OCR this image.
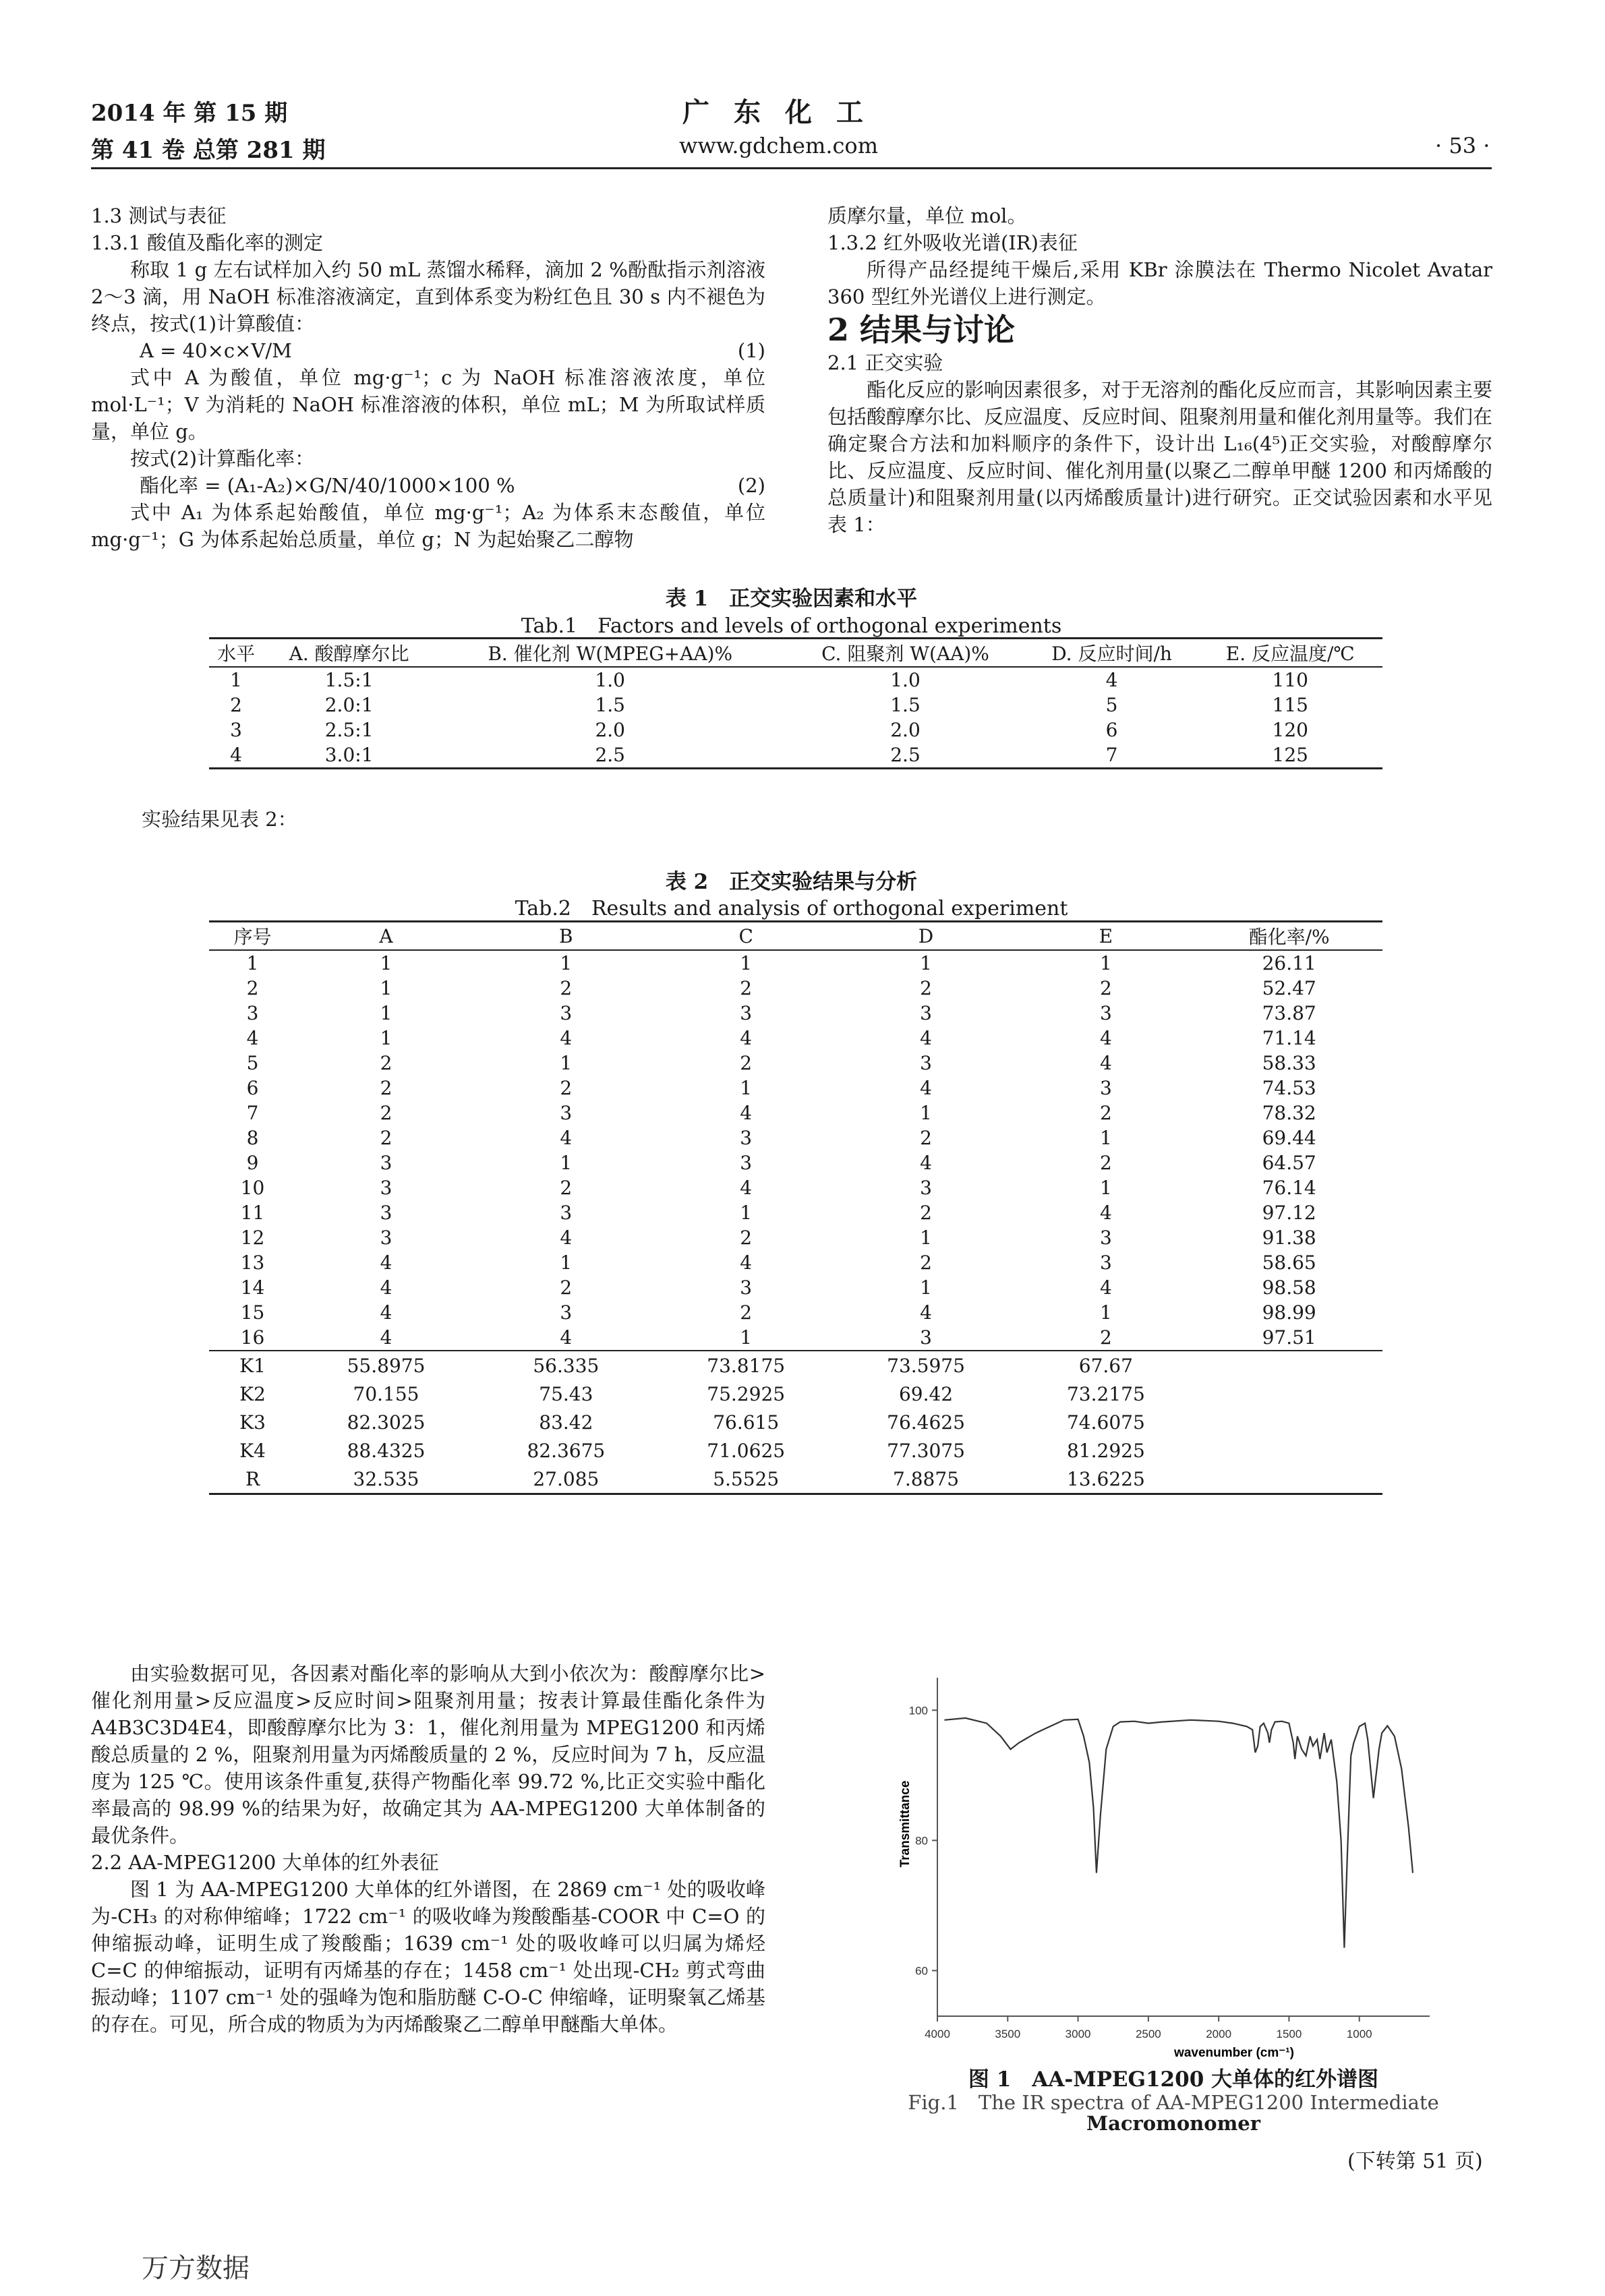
2014 年 第 15 期
第 41 卷 总第 281 期
广东化工
www.gdchem.com	· 53 ·

1.3 测试与表征

1.3.1 酸值及酯化率的测定

称取 1 g 左右试样加入约 50 mL 蒸馏水稀释，滴加 2 %酚酞指示剂溶液 2～3 滴，用 NaOH 标准溶液滴定，直到体系变为粉红色且 30 s 内不褪色为终点，按式(1)计算酸值：

A = 40×c×V/M	(1)

式中 A 为酸值，单位 mg·g⁻¹；c 为 NaOH 标准溶液浓度，单位 mol·L⁻¹；V 为消耗的 NaOH 标准溶液的体积，单位 mL；M 为所取试样质量，单位 g。

按式(2)计算酯化率：

酯化率 = (A₁-A₂)×G/N/40/1000×100 %	(2)

式中 A₁ 为体系起始酸值，单位 mg·g⁻¹；A₂ 为体系末态酸值，单位 mg·g⁻¹；G 为体系起始总质量，单位 g；N 为起始聚乙二醇物

质摩尔量，单位 mol。

1.3.2 红外吸收光谱(IR)表征

所得产品经提纯干燥后,采用 KBr 涂膜法在 Thermo Nicolet Avatar 360 型红外光谱仪上进行测定。

2 结果与讨论

2.1 正交实验

酯化反应的影响因素很多，对于无溶剂的酯化反应而言，其影响因素主要包括酸醇摩尔比、反应温度、反应时间、阻聚剂用量和催化剂用量等。我们在确定聚合方法和加料顺序的条件下，设计出 L₁₆(4⁵)正交实验，对酸醇摩尔比、反应温度、反应时间、催化剂用量(以聚乙二醇单甲醚 1200 和丙烯酸的总质量计)和阻聚剂用量(以丙烯酸质量计)进行研究。正交试验因素和水平见表 1：

表 1　正交实验因素和水平
Tab.1　Factors and levels of orthogonal experiments
水平	A. 酸醇摩尔比	B. 催化剂 W(MPEG+AA)%	C. 阻聚剂 W(AA)%	D. 反应时间/h	E. 反应温度/℃
1	1.5:1	1.0	1.0	4	110
2	2.0:1	1.5	1.5	5	115
3	2.5:1	2.0	2.0	6	120
4	3.0:1	2.5	2.5	7	125
实验结果见表 2：
表 2　正交实验结果与分析
Tab.2　Results and analysis of orthogonal experiment
序号	A	B	C	D	E	酯化率/%
1	1	1	1	1	1	26.11
2	1	2	2	2	2	52.47
3	1	3	3	3	3	73.87
4	1	4	4	4	4	71.14
5	2	1	2	3	4	58.33
6	2	2	1	4	3	74.53
7	2	3	4	1	2	78.32
8	2	4	3	2	1	69.44
9	3	1	3	4	2	64.57
10	3	2	4	3	1	76.14
11	3	3	1	2	4	97.12
12	3	4	2	1	3	91.38
13	4	1	4	2	3	58.65
14	4	2	3	1	4	98.58
15	4	3	2	4	1	98.99
16	4	4	1	3	2	97.51
K1	55.8975	56.335	73.8175	73.5975	67.67	
K2	70.155	75.43	75.2925	69.42	73.2175	
K3	82.3025	83.42	76.615	76.4625	74.6075	
K4	88.4325	82.3675	71.0625	77.3075	81.2925	
R	32.535	27.085	5.5525	7.8875	13.6225	

由实验数据可见，各因素对酯化率的影响从大到小依次为：酸醇摩尔比>催化剂用量>反应温度>反应时间>阻聚剂用量；按表计算最佳酯化条件为 A4B3C3D4E4，即酸醇摩尔比为 3：1，催化剂用量为 MPEG1200 和丙烯酸总质量的 2 %，阻聚剂用量为丙烯酸质量的 2 %，反应时间为 7 h，反应温度为 125 ℃。使用该条件重复,获得产物酯化率 99.72 %,比正交实验中酯化率最高的 98.99 %的结果为好，故确定其为 AA-MPEG1200 大单体制备的最优条件。

2.2 AA-MPEG1200 大单体的红外表征

图 1 为 AA-MPEG1200 大单体的红外谱图，在 2869 cm⁻¹ 处的吸收峰为-CH₃ 的对称伸缩峰；1722 cm⁻¹ 的吸收峰为羧酸酯基-COOR 中 C=O 的伸缩振动峰，证明生成了羧酸酯；1639 cm⁻¹ 处的吸收峰可以归属为烯烃 C=C 的伸缩振动，证明有丙烯基的存在；1458 cm⁻¹ 处出现-CH₂ 剪式弯曲振动峰；1107 cm⁻¹ 处的强峰为饱和脂肪醚 C-O-C 伸缩峰，证明聚氧乙烯基的存在。可见，所合成的物质为为丙烯酸聚乙二醇单甲醚酯大单体。	4000	3500	3000	2500	2000	1500	1000
60
80
100
wavenumber (cm⁻¹)
Transmittance
图 1　AA-MPEG1200 大单体的红外谱图
Fig.1　The IR spectra of AA-MPEG1200 Intermediate
Macromonomer
(下转第 51 页)
万方数据
